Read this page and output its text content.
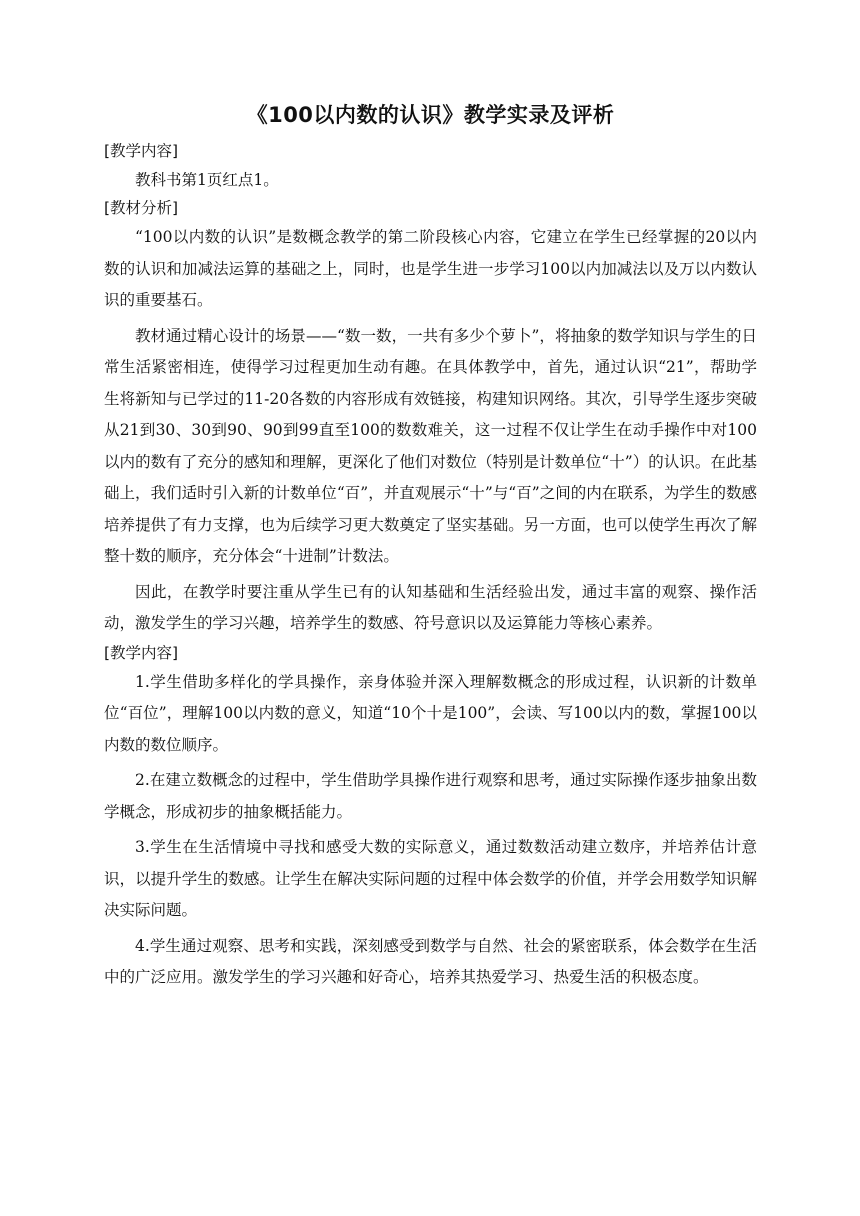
《100以内数的认识》教学实录及评析
[教学内容]

教科书第1页红点1。

[教材分析]

“100以内数的认识”是数概念教学的第二阶段核心内容，它建立在学生已经掌握的20以内数的认识和加减法运算的基础之上，同时，也是学生进一步学习100以内加减法以及万以内数认识的重要基石。

教材通过精心设计的场景——“数一数，一共有多少个萝卜”，将抽象的数学知识与学生的日常生活紧密相连，使得学习过程更加生动有趣。在具体教学中，首先，通过认识“21”，帮助学生将新知与已学过的11-20各数的内容形成有效链接，构建知识网络。其次，引导学生逐步突破从21到30、30到90、90到99直至100的数数难关，这一过程不仅让学生在动手操作中对100以内的数有了充分的感知和理解，更深化了他们对数位（特别是计数单位“十”）的认识。在此基础上，我们适时引入新的计数单位“百”，并直观展示“十”与“百”之间的内在联系，为学生的数感培养提供了有力支撑，也为后续学习更大数奠定了坚实基础。另一方面，也可以使学生再次了解整十数的顺序，充分体会“十进制”计数法。

因此，在教学时要注重从学生已有的认知基础和生活经验出发，通过丰富的观察、操作活动，激发学生的学习兴趣，培养学生的数感、符号意识以及运算能力等核心素养。

[教学内容]

1.学生借助多样化的学具操作，亲身体验并深入理解数概念的形成过程，认识新的计数单位“百位”，理解100以内数的意义，知道“10个十是100”，会读、写100以内的数，掌握100以内数的数位顺序。

2.在建立数概念的过程中，学生借助学具操作进行观察和思考，通过实际操作逐步抽象出数学概念，形成初步的抽象概括能力。

3.学生在生活情境中寻找和感受大数的实际意义，通过数数活动建立数序，并培养估计意识，以提升学生的数感。让学生在解决实际问题的过程中体会数学的价值，并学会用数学知识解决实际问题。

4.学生通过观察、思考和实践，深刻感受到数学与自然、社会的紧密联系，体会数学在生活中的广泛应用。激发学生的学习兴趣和好奇心，培养其热爱学习、热爱生活的积极态度。
